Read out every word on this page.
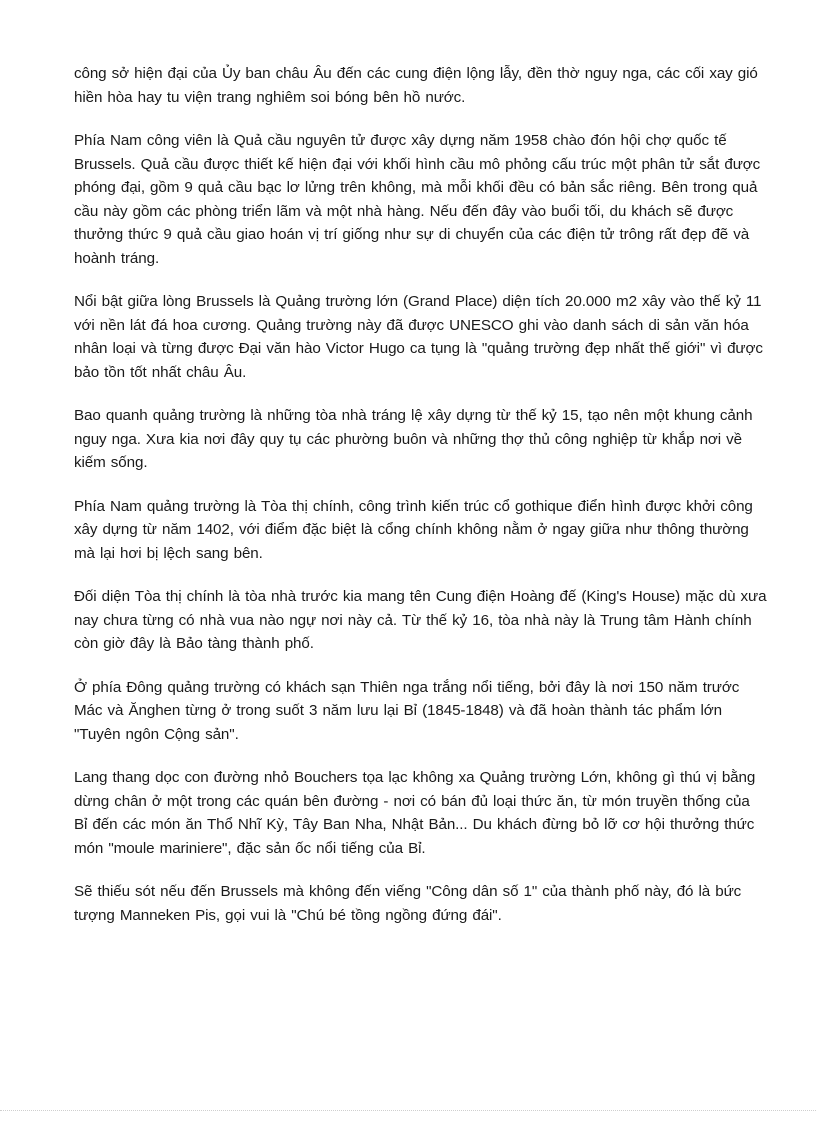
công sở hiện đại của Ủy ban châu Âu đến các cung điện lộng lẫy, đền thờ nguy nga, các cối xay gió hiền hòa hay tu viện trang nghiêm soi bóng bên hồ nước.

Phía Nam công viên là Quả cầu nguyên tử được xây dựng năm 1958 chào đón hội chợ quốc tế Brussels. Quả cầu được thiết kế hiện đại với khối hình cầu mô phỏng cấu trúc một phân tử sắt được phóng đại, gồm 9 quả cầu bạc lơ lửng trên không, mà mỗi khối đều có bản sắc riêng. Bên trong quả cầu này gồm các phòng triển lãm và một nhà hàng. Nếu đến đây vào buổi tối, du khách sẽ được thưởng thức 9 quả cầu giao hoán vị trí giống như sự di chuyển của các điện tử trông rất đẹp đẽ và hoành tráng.

Nổi bật giữa lòng Brussels là Quảng trường lớn (Grand Place) diện tích 20.000 m2 xây vào thế kỷ 11 với nền lát đá hoa cương. Quảng trường này đã được UNESCO ghi vào danh sách di sản văn hóa nhân loại và từng được Đại văn hào Victor Hugo ca tụng là "quảng trường đẹp nhất thế giới" vì được bảo tồn tốt nhất châu Âu.

Bao quanh quảng trường là những tòa nhà tráng lệ xây dựng từ thế kỷ 15, tạo nên một khung cảnh nguy nga. Xưa kia nơi đây quy tụ các phường buôn và những thợ thủ công nghiệp từ khắp nơi về kiếm sống.

Phía Nam quảng trường là Tòa thị chính, công trình kiến trúc cổ gothique điển hình được khởi công xây dựng từ năm 1402, với điểm đặc biệt là cổng chính không nằm ở ngay giữa như thông thường mà lại hơi bị lệch sang bên.

Đối diện Tòa thị chính là tòa nhà trước kia mang tên Cung điện Hoàng đế (King's House) mặc dù xưa nay chưa từng có nhà vua nào ngự nơi này cả. Từ thế kỷ 16, tòa nhà này là Trung tâm Hành chính còn giờ đây là Bảo tàng thành phố.

Ở phía Đông quảng trường có khách sạn Thiên nga trắng nổi tiếng, bởi đây là nơi 150 năm trước Mác và Ănghen từng ở trong suốt 3 năm lưu lại Bỉ (1845-1848) và đã hoàn thành tác phẩm lớn "Tuyên ngôn Cộng sản".

Lang thang dọc con đường nhỏ Bouchers tọa lạc không xa Quảng trường Lớn, không gì thú vị bằng dừng chân ở một trong các quán bên đường - nơi có bán đủ loại thức ăn, từ món truyền thống của Bỉ đến các món ăn Thổ Nhĩ Kỳ, Tây Ban Nha, Nhật Bản... Du khách đừng bỏ lỡ cơ hội thưởng thức món "moule mariniere", đặc sản ốc nổi tiếng của Bỉ.

Sẽ thiếu sót nếu đến Brussels mà không đến viếng "Công dân số 1" của thành phố này, đó là bức tượng Manneken Pis, gọi vui là "Chú bé tồng ngồng đứng đái".
